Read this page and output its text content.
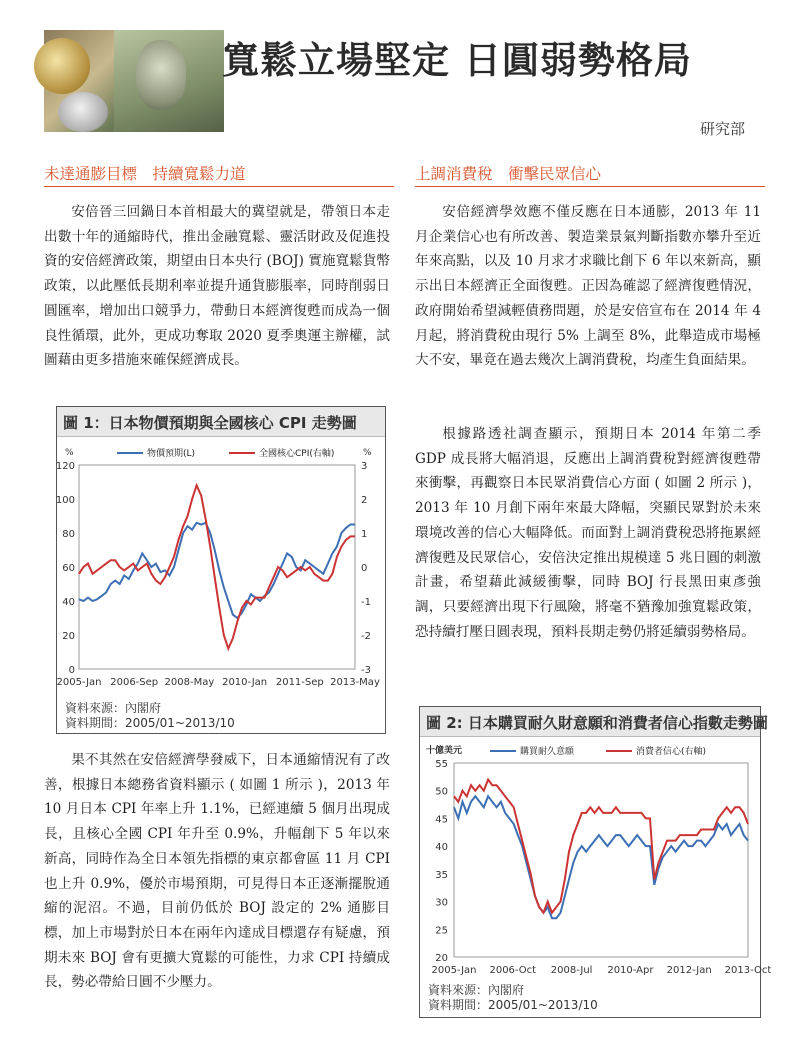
寬鬆立場堅定 日圓弱勢格局
研究部
未達通膨目標　持續寬鬆力道
安倍晉三回鍋日本首相最大的冀望就是，帶領日本走出數十年的通縮時代，推出金融寬鬆、靈活財政及促進投資的安倍經濟政策，期望由日本央行 (BOJ) 實施寬鬆貨幣政策，以此壓低長期利率並提升通貨膨脹率，同時削弱日圓匯率，增加出口競爭力，帶動日本經濟復甦而成為一個良性循環，此外，更成功奪取 2020 夏季奧運主辦權，試圖藉由更多措施來確保經濟成長。
圖 1：日本物價預期與全國核心 CPI 走勢圖
%	%
120
100
80
60
40
20
0
3
2
1
0
-1
-2
-3
2005-Jan 2006-Sep 2008-May 2010-Jan 2011-Sep 2013-May
物價預期(L)	全國核心CPI(右軸)
資料來源：內閣府
資料期間：2005/01~2013/10
果不其然在安倍經濟學發威下，日本通縮情況有了改善，根據日本總務省資料顯示 ( 如圖 1 所示 )，2013 年 10 月日本 CPI 年率上升 1.1%，已經連續 5 個月出現成長，且核心全國 CPI 年升至 0.9%，升幅創下 5 年以來新高，同時作為全日本領先指標的東京都會區 11 月 CPI 也上升 0.9%，優於市場預期，可見得日本正逐漸擺脫通縮的泥沼。不過，目前仍低於 BOJ 設定的 2% 通膨目標，加上市場對於日本在兩年內達成目標還存有疑慮，預期未來 BOJ 會有更擴大寬鬆的可能性，力求 CPI 持續成長，勢必帶給日圓不少壓力。
上調消費稅　衝擊民眾信心
安倍經濟學效應不僅反應在日本通膨，2013 年 11 月企業信心也有所改善、製造業景氣判斷指數亦攀升至近年來高點，以及 10 月求才求職比創下 6 年以來新高，顯示出日本經濟正全面復甦。正因為確認了經濟復甦情況，政府開始希望減輕債務問題，於是安倍宣布在 2014 年 4 月起，將消費稅由現行 5% 上調至 8%，此舉造成市場極大不安，畢竟在過去幾次上調消費稅，均產生負面結果。
根據路透社調查顯示，預期日本 2014 年第二季 GDP 成長將大幅消退，反應出上調消費稅對經濟復甦帶來衝擊，再觀察日本民眾消費信心方面 ( 如圖 2 所示 )，2013 年 10 月創下兩年來最大降幅，突顯民眾對於未來環境改善的信心大幅降低。而面對上調消費稅恐將拖累經濟復甦及民眾信心，安倍決定推出規模達 5 兆日圓的刺激計畫，希望藉此減緩衝擊，同時 BOJ 行長黑田東彥強調，只要經濟出現下行風險，將毫不猶豫加強寬鬆政策，恐持續打壓日圓表現，預料長期走勢仍將延續弱勢格局。
圖 2: 日本購買耐久財意願和消費者信心指數走勢圖
十億美元
55
50
45
40
35
30
25
20
2005-Jan 2006-Oct 2008-Jul 2010-Apr 2012-Jan 2013-Oct
購買耐久意願	消費者信心(右軸)
資料來源：內閣府
資料期間：2005/01~2013/10
